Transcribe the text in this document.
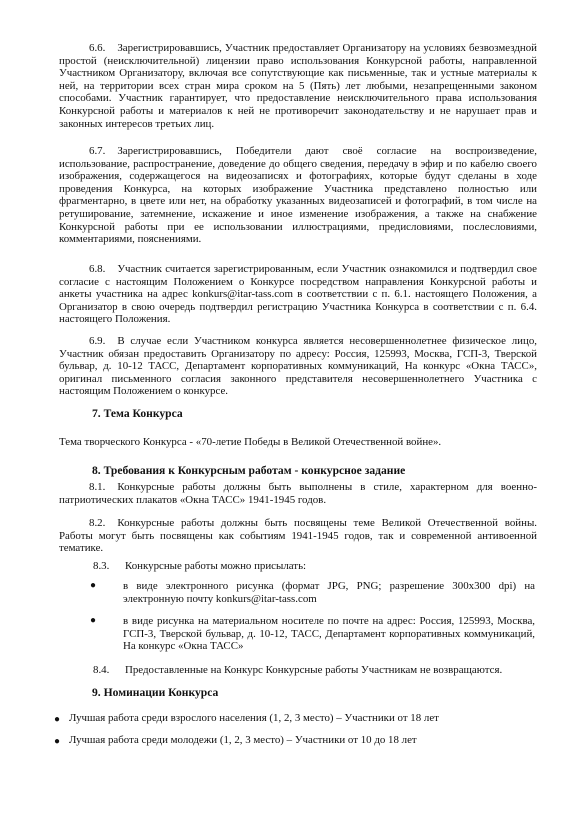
6.6. Зарегистрировавшись, Участник предоставляет Организатору на условиях безвозмездной простой (неисключительной) лицензии право использования Конкурсной работы, направленной Участником Организатору, включая все сопутствующие как письменные, так и устные материалы к ней, на территории всех стран мира сроком на 5 (Пять) лет любыми, незапрещенными законом способами. Участник гарантирует, что предоставление неисключительного права использования Конкурсной работы и материалов к ней не противоречит законодательству и не нарушает прав и законных интересов третьих лиц.

6.7. Зарегистрировавшись, Победители дают своё согласие на воспроизведение, использование, распространение, доведение до общего сведения, передачу в эфир и по кабелю своего изображения, содержащегося на видеозаписях и фотографиях, которые будут сделаны в ходе проведения Конкурса, на которых изображение Участника представлено полностью или фрагментарно, в цвете или нет, на обработку указанных видеозаписей и фотографий, в том числе на ретуширование, затемнение, искажение и иное изменение изображения, а также на снабжение Конкурсной работы при ее использовании иллюстрациями, предисловиями, послесловиями, комментариями, пояснениями.

6.8. Участник считается зарегистрированным, если Участник ознакомился и подтвердил свое согласие с настоящим Положением о Конкурсе посредством направления Конкурсной работы и анкеты участника на адрес konkurs@itar-tass.com в соответствии с п. 6.1. настоящего Положения, а Организатор в свою очередь подтвердил регистрацию Участника Конкурса в соответствии с п. 6.4. настоящего Положения.

6.9. В случае если Участником конкурса является несовершеннолетнее физическое лицо, Участник обязан предоставить Организатору по адресу: Россия, 125993, Москва, ГСП-3, Тверской бульвар, д. 10-12 ТАСС, Департамент корпоративных коммуникаций, На конкурс «Окна ТАСС», оригинал письменного согласия законного представителя несовершеннолетнего Участника с настоящим Положением о конкурсе.

7. Тема Конкурса

Тема творческого Конкурса - «70-летие Победы в Великой Отечественной войне».

8. Требования к Конкурсным работам - конкурсное задание

8.1. Конкурсные работы должны быть выполнены в стиле, характерном для военно-патриотических плакатов «Окна ТАСС» 1941-1945 годов.

8.2. Конкурсные работы должны быть посвящены теме Великой Отечественной войны. Работы могут быть посвящены как событиям 1941-1945 годов, так и современной антивоенной тематике.

8.3. Конкурсные работы можно присылать:
● в виде электронного рисунка (формат JPG, PNG; разрешение 300х300 dpi) на электронную почту konkurs@itar-tass.com

● в виде рисунка на материальном носителе по почте на адрес: Россия, 125993, Москва, ГСП-3, Тверской бульвар, д. 10-12, ТАСС, Департамент корпоративных коммуникаций, На конкурс «Окна ТАСС»

8.4. Предоставленные на Конкурс Конкурсные работы Участникам не возвращаются.

9. Номинации Конкурса

● Лучшая работа среди взрослого населения (1, 2, 3 место) – Участники от 18 лет
● Лучшая работа среди молодежи (1, 2, 3 место) – Участники от 10 до 18 лет
